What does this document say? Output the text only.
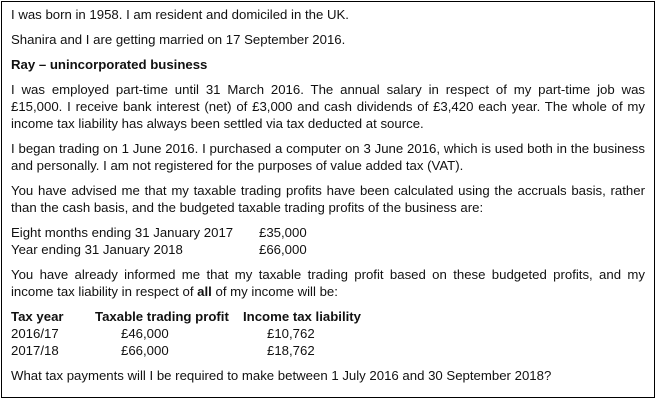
I was born in 1958. I am resident and domiciled in the UK.

Shanira and I are getting married on 17 September 2016.

Ray – unincorporated business

I was employed part-time until 31 March 2016. The annual salary in respect of my part-time job was £15,000. I receive bank interest (net) of £3,000 and cash dividends of £3,420 each year. The whole of my income tax liability has always been settled via tax deducted at source.

I began trading on 1 June 2016. I purchased a computer on 3 June 2016, which is used both in the business and personally. I am not registered for the purposes of value added tax (VAT).

You have advised me that my taxable trading profits have been calculated using the accruals basis, rather than the cash basis, and the budgeted taxable trading profits of the business are:

Eight months ending 31 January 2017	£35,000
Year ending 31 January 2018	£66,000

You have already informed me that my taxable trading profit based on these budgeted profits, and my income tax liability in respect of all of my income will be:

Tax year	Taxable trading profit	Income tax liability
2016/17	£46,000	£10,762
2017/18	£66,000	£18,762

What tax payments will I be required to make between 1 July 2016 and 30 September 2018?
